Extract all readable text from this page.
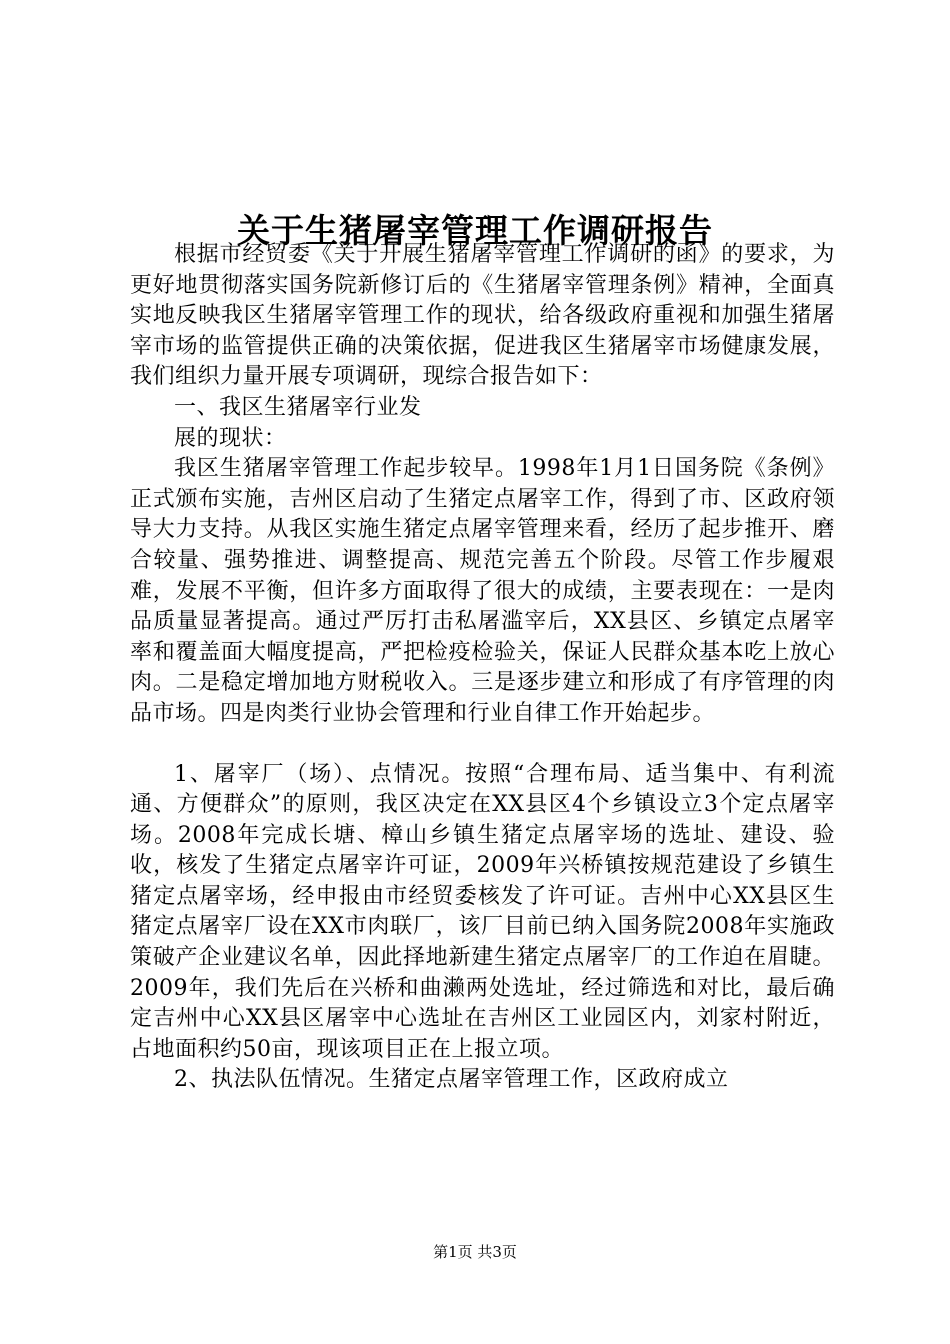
关于生猪屠宰管理工作调研报告

根据市经贸委《关于开展生猪屠宰管理工作调研的函》的要求，为更好地贯彻落实国务院新修订后的《生猪屠宰管理条例》精神，全面真实地反映我区生猪屠宰管理工作的现状，给各级政府重视和加强生猪屠宰市场的监管提供正确的决策依据，促进我区生猪屠宰市场健康发展，我们组织力量开展专项调研，现综合报告如下：

一、我区生猪屠宰行业发

展的现状：

我区生猪屠宰管理工作起步较早。1998年1月1日国务院《条例》正式颁布实施，吉州区启动了生猪定点屠宰工作，得到了市、区政府领导大力支持。从我区实施生猪定点屠宰管理来看，经历了起步推开、磨合较量、强势推进、调整提高、规范完善五个阶段。尽管工作步履艰难，发展不平衡，但许多方面取得了很大的成绩，主要表现在：一是肉品质量显著提高。通过严厉打击私屠滥宰后，XX县区、乡镇定点屠宰率和覆盖面大幅度提高，严把检疫检验关，保证人民群众基本吃上放心肉。二是稳定增加地方财税收入。三是逐步建立和形成了有序管理的肉品市场。四是肉类行业协会管理和行业自律工作开始起步。

1、屠宰厂（场）、点情况。按照“合理布局、适当集中、有利流通、方便群众”的原则，我区决定在XX县区4个乡镇设立3个定点屠宰场。2008年完成长塘、樟山乡镇生猪定点屠宰场的选址、建设、验收，核发了生猪定点屠宰许可证，2009年兴桥镇按规范建设了乡镇生猪定点屠宰场，经申报由市经贸委核发了许可证。吉州中心XX县区生猪定点屠宰厂设在XX市肉联厂，该厂目前已纳入国务院2008年实施政策破产企业建议名单，因此择地新建生猪定点屠宰厂的工作迫在眉睫。2009年，我们先后在兴桥和曲濑两处选址，经过筛选和对比，最后确定吉州中心XX县区屠宰中心选址在吉州区工业园区内，刘家村附近，占地面积约50亩，现该项目正在上报立项。

2、执法队伍情况。生猪定点屠宰管理工作，区政府成立

第1页 共3页
